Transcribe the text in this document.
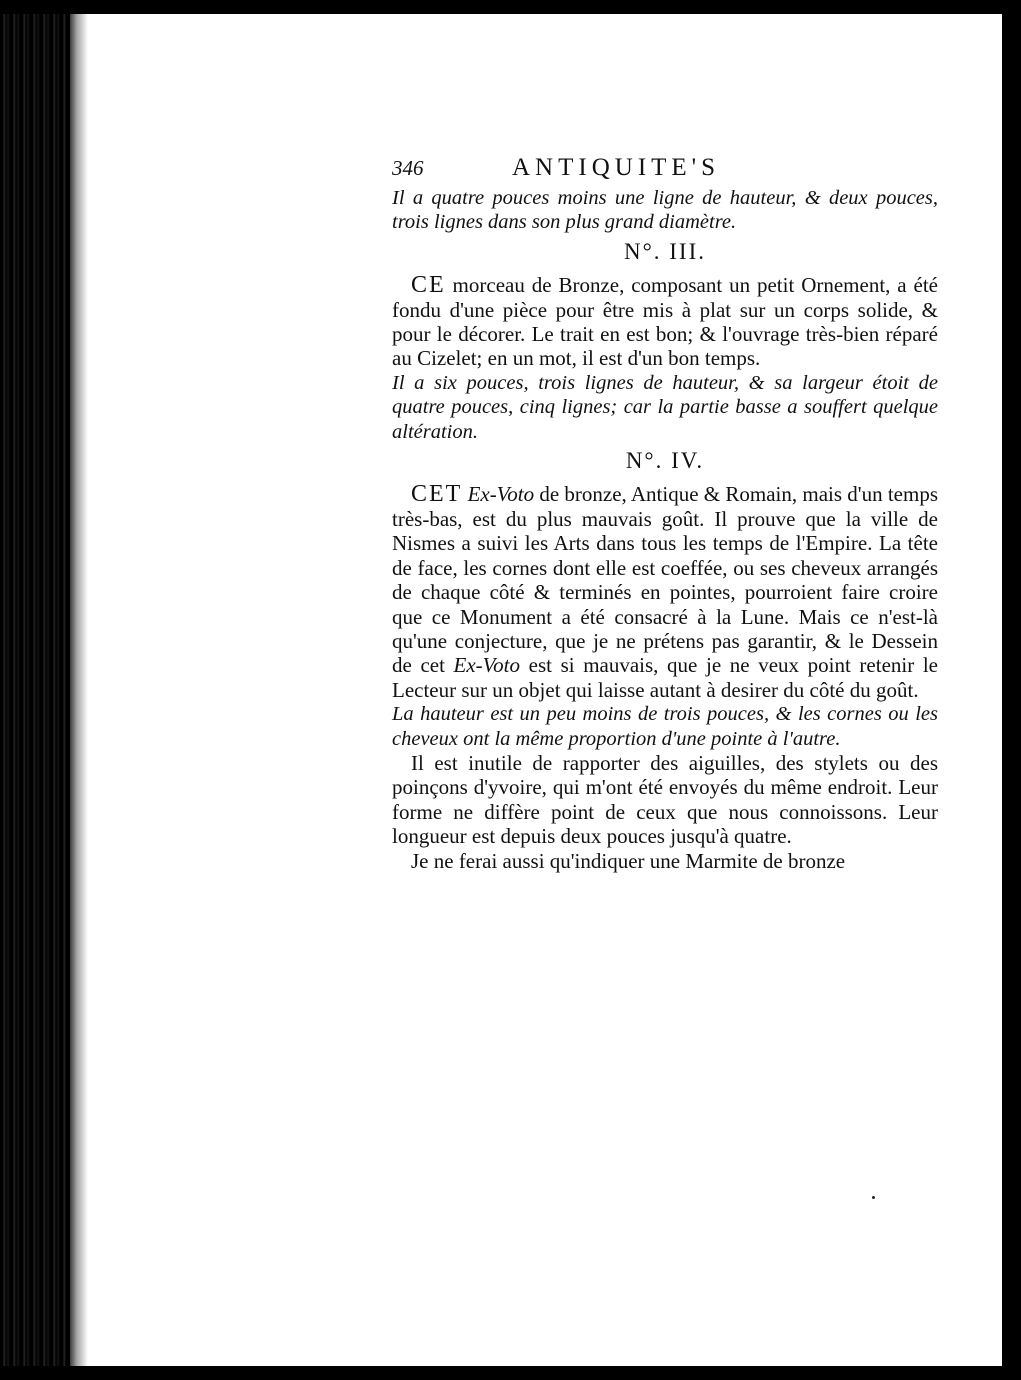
346	ANTIQUITE'S

Il a quatre pouces moins une ligne de hauteur, & deux pouces, trois lignes dans son plus grand diamètre.

N°. III.

CE morceau de Bronze, composant un petit Ornement, a été fondu d'une pièce pour être mis à plat sur un corps solide, & pour le décorer. Le trait en est bon; & l'ouvrage très-bien réparé au Cizelet; en un mot, il est d'un bon temps.

Il a six pouces, trois lignes de hauteur, & sa largeur étoit de quatre pouces, cinq lignes; car la partie basse a souffert quelque altération.

N°. IV.

CET Ex-Voto de bronze, Antique & Romain, mais d'un temps très-bas, est du plus mauvais goût. Il prouve que la ville de Nismes a suivi les Arts dans tous les temps de l'Empire. La tête de face, les cornes dont elle est coeffée, ou ses cheveux arrangés de chaque côté & terminés en pointes, pourroient faire croire que ce Monument a été consacré à la Lune. Mais ce n'est-là qu'une conjecture, que je ne prétens pas garantir, & le Dessein de cet Ex-Voto est si mauvais, que je ne veux point retenir le Lecteur sur un objet qui laisse autant à desirer du côté du goût.

La hauteur est un peu moins de trois pouces, & les cornes ou les cheveux ont la même proportion d'une pointe à l'autre.

Il est inutile de rapporter des aiguilles, des stylets ou des poinçons d'yvoire, qui m'ont été envoyés du même endroit. Leur forme ne diffère point de ceux que nous connoissons. Leur longueur est depuis deux pouces jusqu'à quatre.

Je ne ferai aussi qu'indiquer une Marmite de bronze
